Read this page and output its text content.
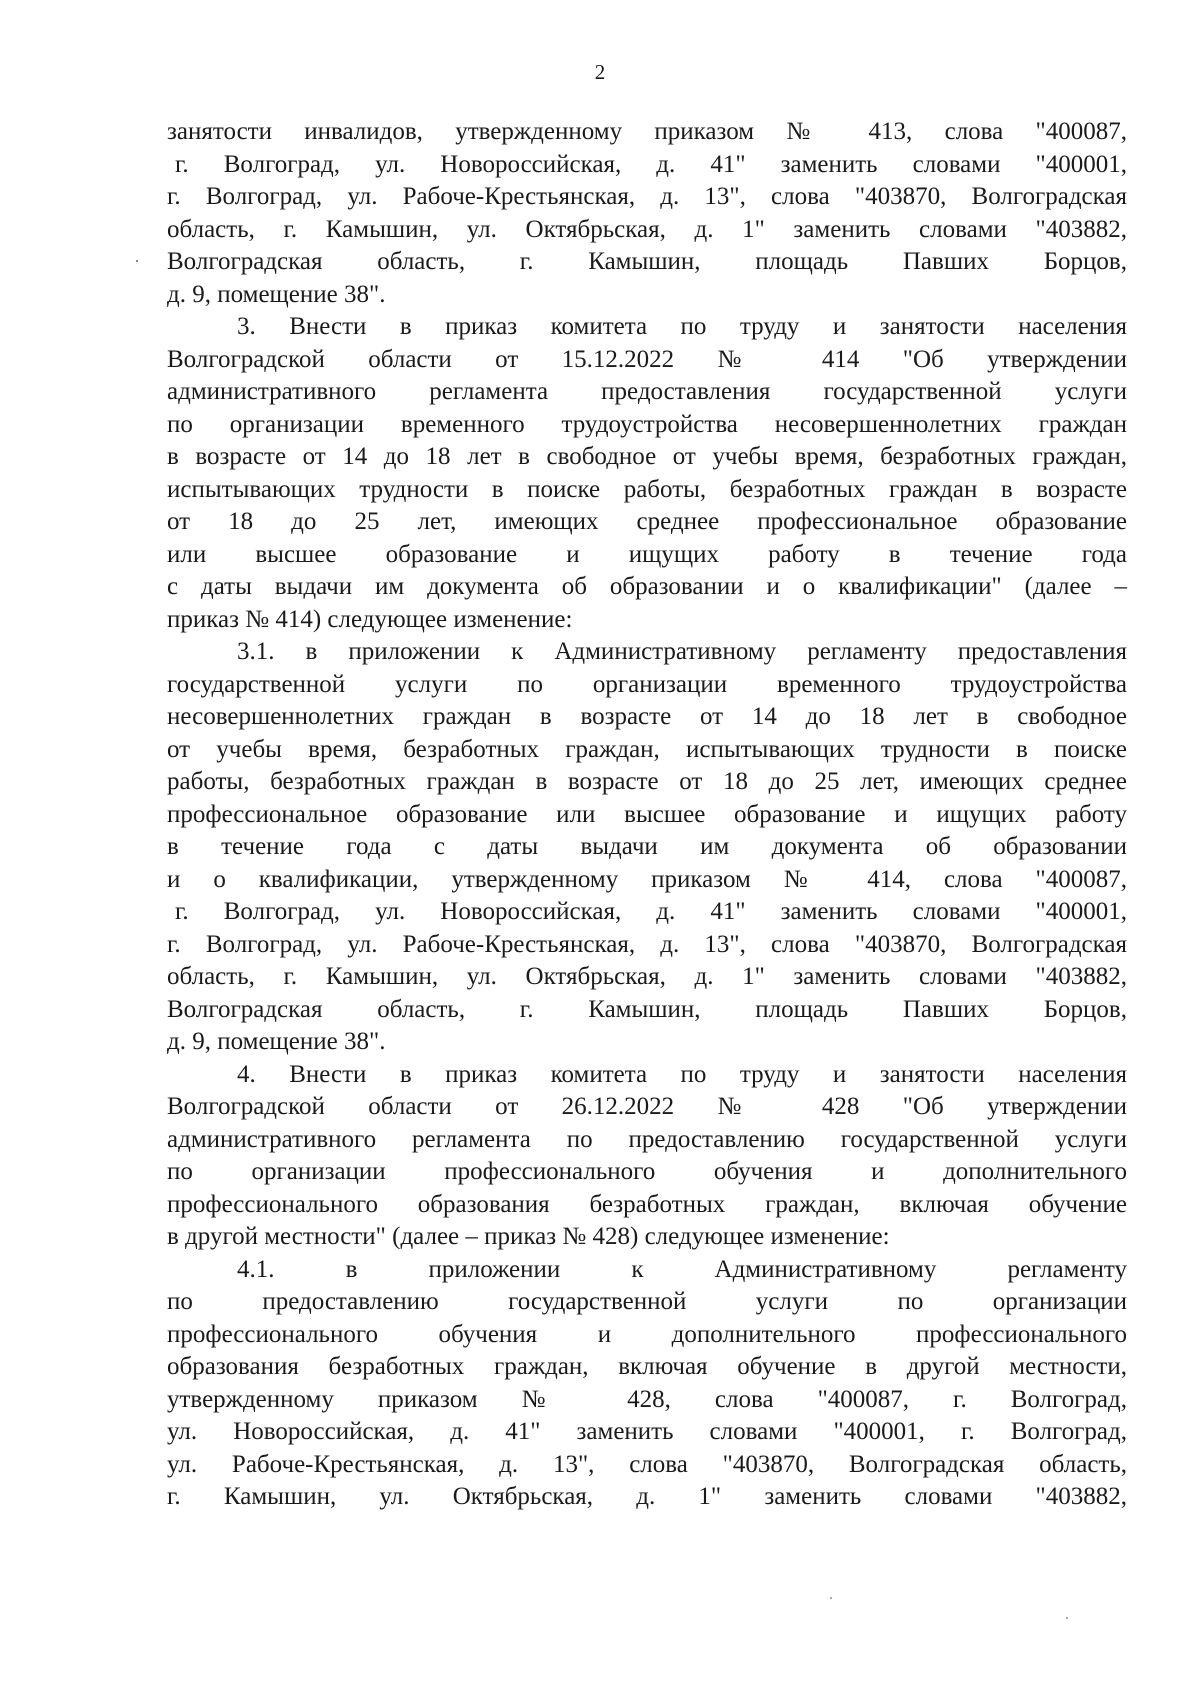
2
занятости инвалидов, утвержденному приказом № 413, слова "400087,
г. Волгоград, ул. Новороссийская, д. 41" заменить словами "400001,
г. Волгоград, ул. Рабоче-Крестьянская, д. 13", слова "403870, Волгоградская
область, г. Камышин, ул. Октябрьская, д. 1" заменить словами "403882,
Волгоградская область, г. Камышин, площадь Павших Борцов,
д. 9, помещение 38".
3. Внести в приказ комитета по труду и занятости населения
Волгоградской области от 15.12.2022 № 414 "Об утверждении
административного регламента предоставления государственной услуги
по организации временного трудоустройства несовершеннолетних граждан
в возрасте от 14 до 18 лет в свободное от учебы время, безработных граждан,
испытывающих трудности в поиске работы, безработных граждан в возрасте
от 18 до 25 лет, имеющих среднее профессиональное образование
или высшее образование и ищущих работу в течение года
с даты выдачи им документа об образовании и о квалификации" (далее –
приказ № 414) следующее изменение:
3.1. в приложении к Административному регламенту предоставления
государственной услуги по организации временного трудоустройства
несовершеннолетних граждан в возрасте от 14 до 18 лет в свободное
от учебы время, безработных граждан, испытывающих трудности в поиске
работы, безработных граждан в возрасте от 18 до 25 лет, имеющих среднее
профессиональное образование или высшее образование и ищущих работу
в течение года с даты выдачи им документа об образовании
и о квалификации, утвержденному приказом № 414, слова "400087,
г. Волгоград, ул. Новороссийская, д. 41" заменить словами "400001,
г. Волгоград, ул. Рабоче-Крестьянская, д. 13", слова "403870, Волгоградская
область, г. Камышин, ул. Октябрьская, д. 1" заменить словами "403882,
Волгоградская область, г. Камышин, площадь Павших Борцов,
д. 9, помещение 38".
4. Внести в приказ комитета по труду и занятости населения
Волгоградской области от 26.12.2022 № 428 "Об утверждении
административного регламента по предоставлению государственной услуги
по организации профессионального обучения и дополнительного
профессионального образования безработных граждан, включая обучение
в другой местности" (далее – приказ № 428) следующее изменение:
4.1. в приложении к Административному регламенту
по предоставлению государственной услуги по организации
профессионального обучения и дополнительного профессионального
образования безработных граждан, включая обучение в другой местности,
утвержденному приказом № 428, слова "400087, г. Волгоград,
ул. Новороссийская, д. 41" заменить словами "400001, г. Волгоград,
ул. Рабоче-Крестьянская, д. 13", слова "403870, Волгоградская область,
г. Камышин, ул. Октябрьская, д. 1" заменить словами "403882,
